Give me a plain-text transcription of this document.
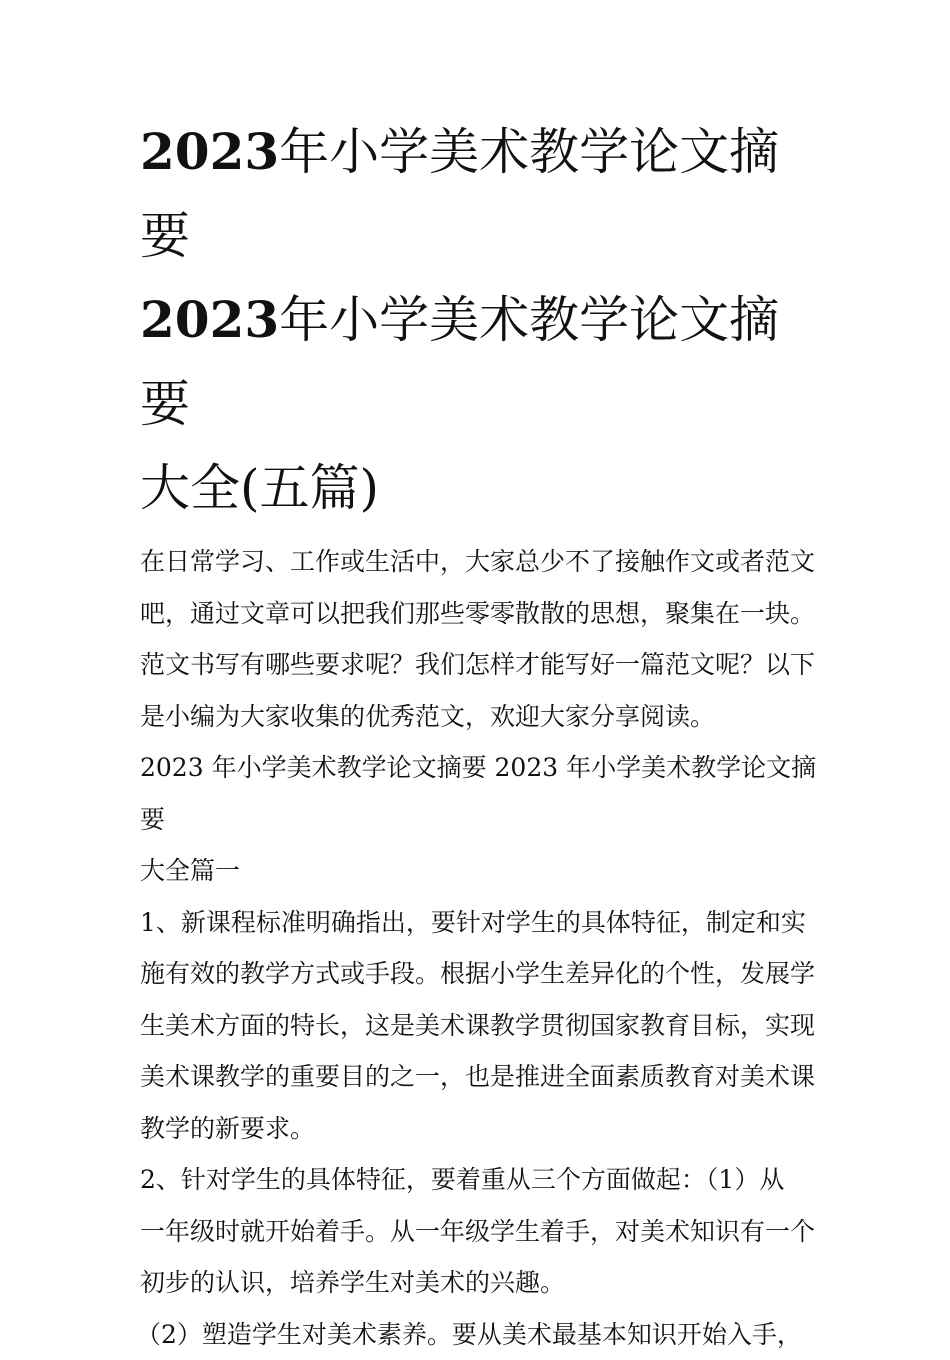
2023年小学美术教学论文摘要
2023年小学美术教学论文摘要
大全(五篇)

在日常学习、工作或生活中，大家总少不了接触作文或者范文
吧，通过文章可以把我们那些零零散散的思想，聚集在一块。
范文书写有哪些要求呢？我们怎样才能写好一篇范文呢？以下
是小编为大家收集的优秀范文，欢迎大家分享阅读。

2023 年小学美术教学论文摘要 2023 年小学美术教学论文摘要
大全篇一

1、新课程标准明确指出，要针对学生的具体特征，制定和实
施有效的教学方式或手段。根据小学生差异化的个性，发展学
生美术方面的特长，这是美术课教学贯彻国家教育目标，实现
美术课教学的重要目的之一，也是推进全面素质教育对美术课
教学的新要求。

2、针对学生的具体特征，要着重从三个方面做起：（1）从
一年级时就开始着手。从一年级学生着手，对美术知识有一个
初步的认识，培养学生对美术的兴趣。

（2）塑造学生对美术素养。要从美术最基本知识开始入手，
